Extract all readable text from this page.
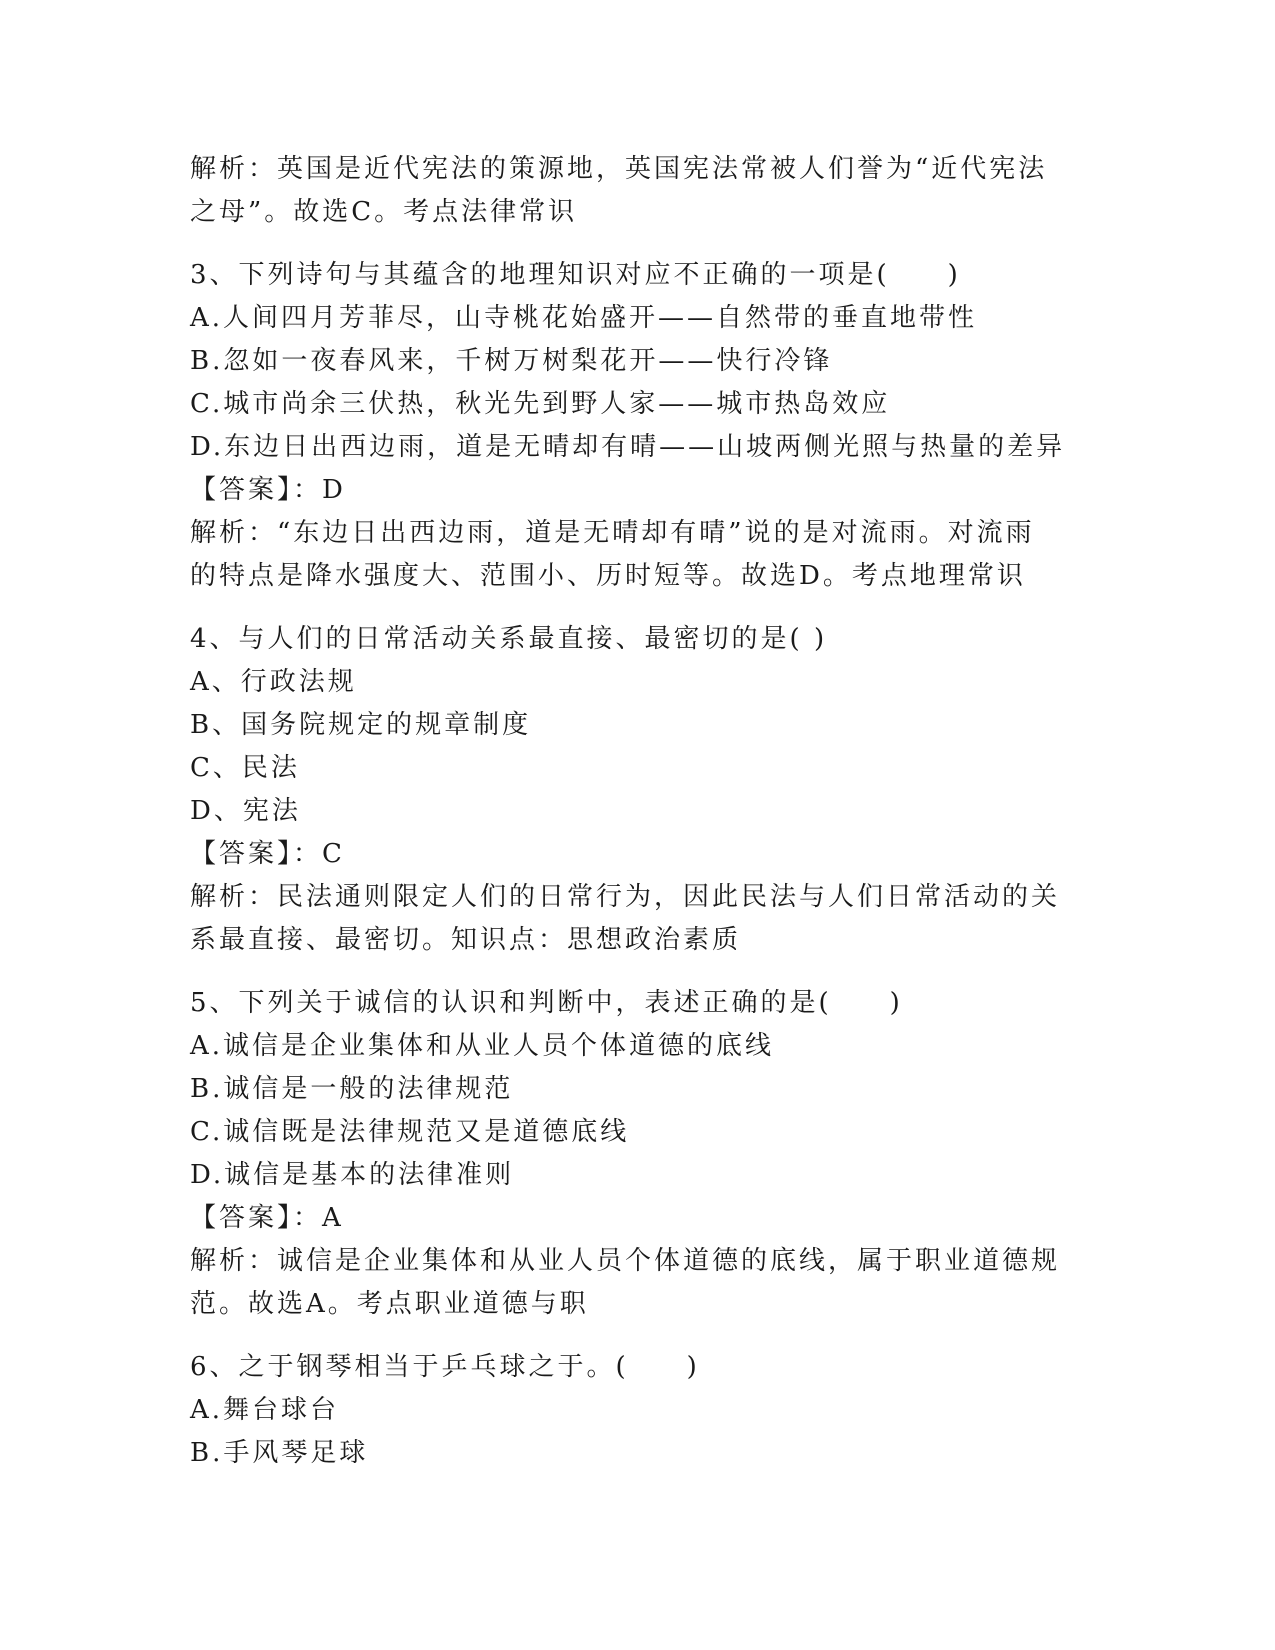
解析：英国是近代宪法的策源地，英国宪法常被人们誉为“近代宪法
之母”。故选C。考点法律常识
3、下列诗句与其蕴含的地理知识对应不正确的一项是(　　)
A.人间四月芳菲尽，山寺桃花始盛开——自然带的垂直地带性
B.忽如一夜春风来，千树万树梨花开——快行冷锋
C.城市尚余三伏热，秋光先到野人家——城市热岛效应
D.东边日出西边雨，道是无晴却有晴——山坡两侧光照与热量的差异
【答案】：D
解析：“东边日出西边雨，道是无晴却有晴”说的是对流雨。对流雨
的特点是降水强度大、范围小、历时短等。故选D。考点地理常识
4、与人们的日常活动关系最直接、最密切的是( )
A、行政法规
B、国务院规定的规章制度
C、民法
D、宪法
【答案】：C
解析：民法通则限定人们的日常行为，因此民法与人们日常活动的关
系最直接、最密切。知识点：思想政治素质
5、下列关于诚信的认识和判断中，表述正确的是(　　)
A.诚信是企业集体和从业人员个体道德的底线
B.诚信是一般的法律规范
C.诚信既是法律规范又是道德底线
D.诚信是基本的法律准则
【答案】：A
解析：诚信是企业集体和从业人员个体道德的底线，属于职业道德规
范。故选A。考点职业道德与职
6、之于钢琴相当于乒乓球之于。(　　)
A.舞台球台
B.手风琴足球
